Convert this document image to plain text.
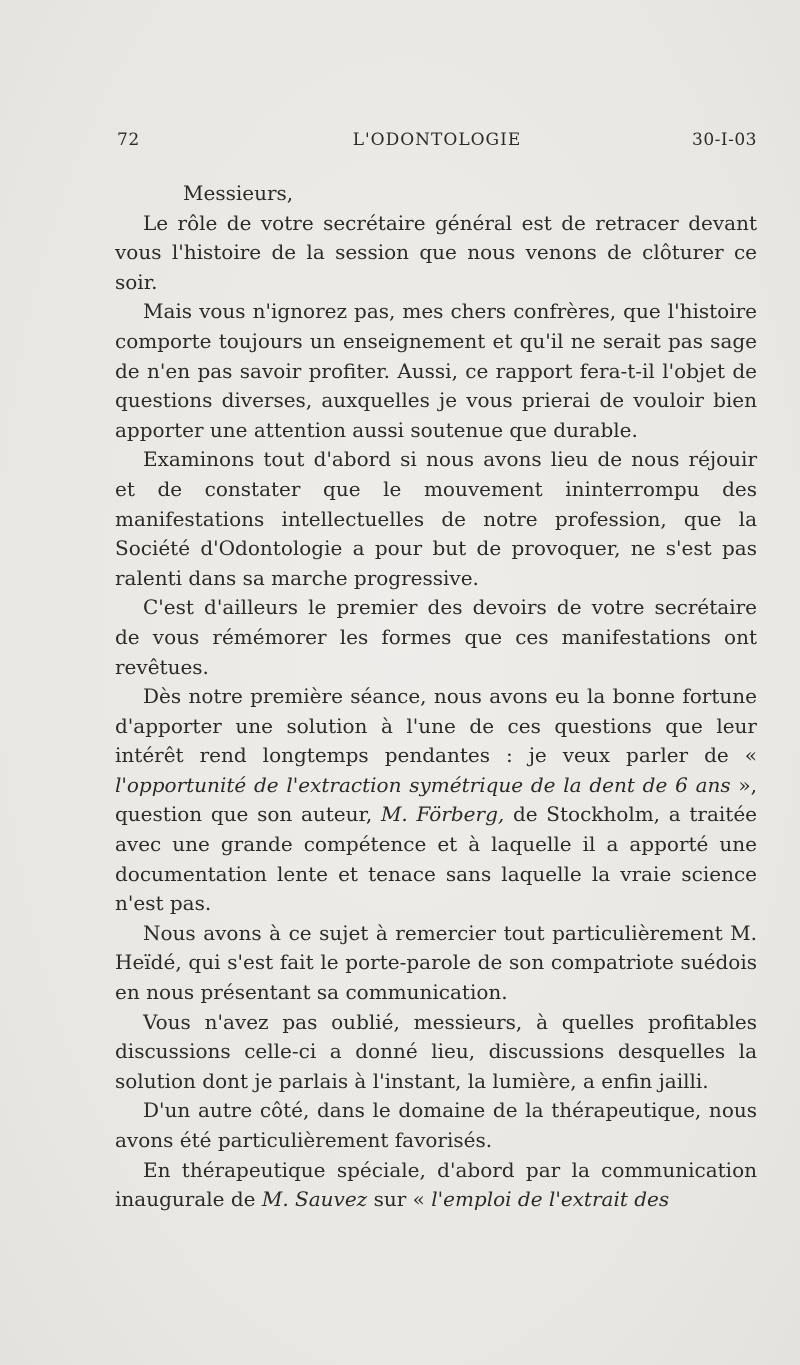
72	L'ODONTOLOGIE	30-I-03

Messieurs,

Le rôle de votre secrétaire général est de retracer devant vous l'histoire de la session que nous venons de clôturer ce soir.

Mais vous n'ignorez pas, mes chers confrères, que l'histoire comporte toujours un enseignement et qu'il ne serait pas sage de n'en pas savoir profiter. Aussi, ce rapport fera-t-il l'objet de questions diverses, auxquelles je vous prierai de vouloir bien apporter une attention aussi soutenue que durable.

Examinons tout d'abord si nous avons lieu de nous réjouir et de constater que le mouvement ininterrompu des manifestations intellectuelles de notre profession, que la Société d'Odontologie a pour but de provoquer, ne s'est pas ralenti dans sa marche progressive.

C'est d'ailleurs le premier des devoirs de votre secrétaire de vous rémémorer les formes que ces manifestations ont revêtues.

Dès notre première séance, nous avons eu la bonne fortune d'apporter une solution à l'une de ces questions que leur intérêt rend longtemps pendantes : je veux parler de « l'opportunité de l'extraction symétrique de la dent de 6 ans », question que son auteur, M. Förberg, de Stockholm, a traitée avec une grande compétence et à laquelle il a apporté une documentation lente et tenace sans laquelle la vraie science n'est pas.

Nous avons à ce sujet à remercier tout particulièrement M. Heïdé, qui s'est fait le porte-parole de son compatriote suédois en nous présentant sa communication.

Vous n'avez pas oublié, messieurs, à quelles profitables discussions celle-ci a donné lieu, discussions desquelles la solution dont je parlais à l'instant, la lumière, a enfin jailli.

D'un autre côté, dans le domaine de la thérapeutique, nous avons été particulièrement favorisés.

En thérapeutique spéciale, d'abord par la communication inaugurale de M. Sauvez sur « l'emploi de l'extrait des
